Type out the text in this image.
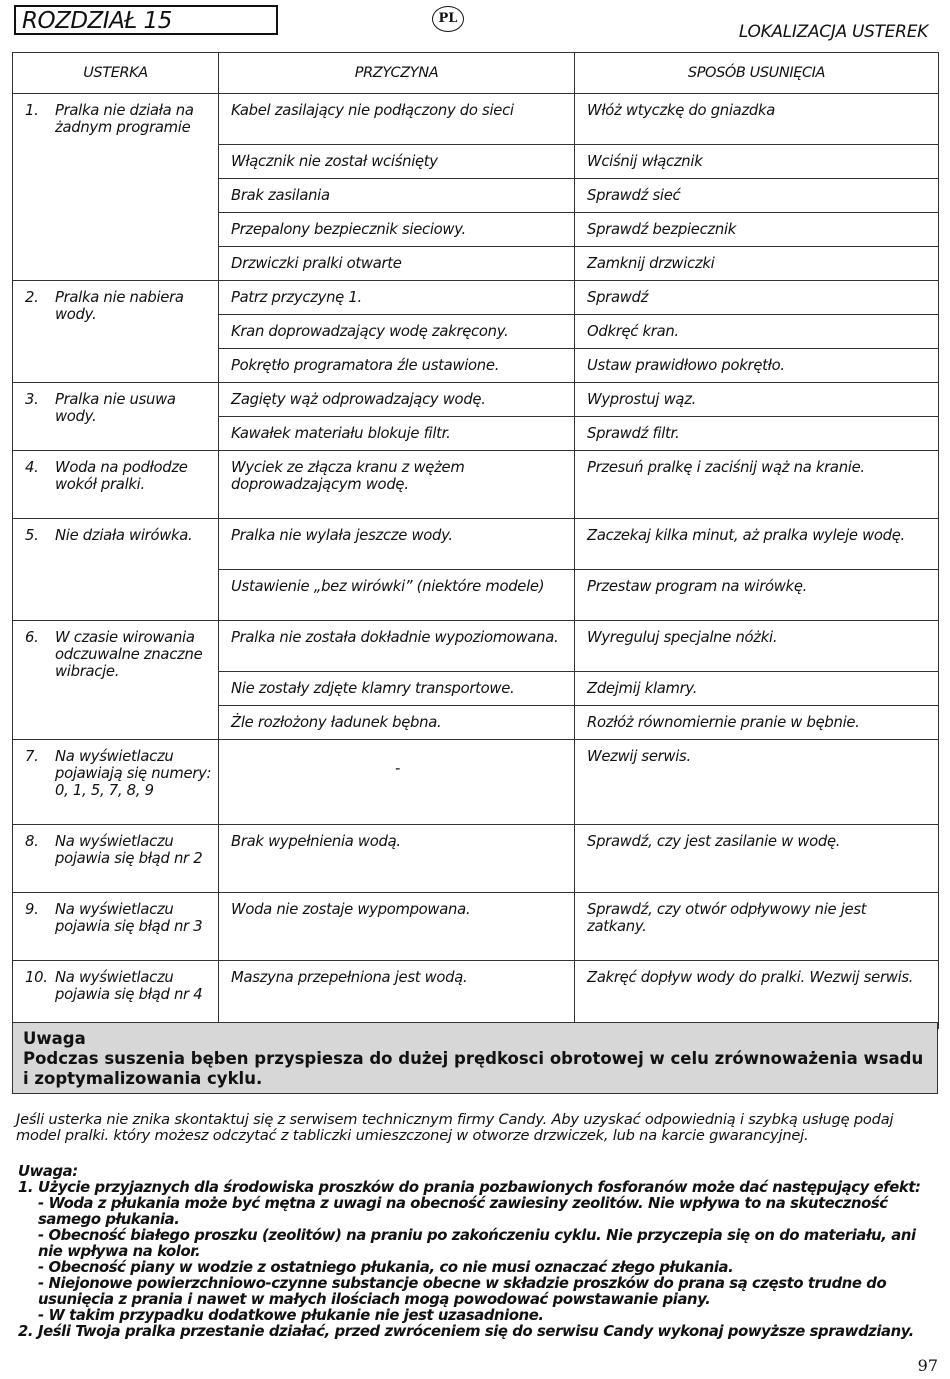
ROZDZIAŁ 15	PL
LOKALIZACJA USTEREK
USTERKA	PRZYCZYNA	SPOSÓB USUNIĘCIA

1. Pralka nie działa na żadnym programie	Kabel zasilający nie podłączony do sieci	Włóż wtyczkę do gniazdka
	Włącznik nie został wciśnięty	Wciśnij włącznik
	Brak zasilania	Sprawdź sieć
	Przepalony bezpiecznik sieciowy.	Sprawdź bezpiecznik
	Drzwiczki pralki otwarte	Zamknij drzwiczki

2. Pralka nie nabiera wody.	Patrz przyczynę 1.	Sprawdź
	Kran doprowadzający wodę zakręcony.	Odkręć kran.
	Pokrętło programatora źle ustawione.	Ustaw prawidłowo pokrętło.

3. Pralka nie usuwa wody.	Zagięty wąż odprowadzający wodę.	Wyprostuj wąz.
	Kawałek materiału blokuje filtr.	Sprawdź filtr.

4. Woda na podłodze wokół pralki.	Wyciek ze złącza kranu z wężem doprowadzającym wodę.	Przesuń pralkę i zaciśnij wąż na kranie.

5. Nie działa wirówka.	Pralka nie wylała jeszcze wody.	Zaczekaj kilka minut, aż pralka wyleje wodę.
	Ustawienie „bez wirówki” (niektóre modele)	Przestaw program na wirówkę.

6. W czasie wirowania odczuwalne znaczne wibracje.	Pralka nie została dokładnie wypoziomowana.	Wyreguluj specjalne nóżki.
	Nie zostały zdjęte klamry transportowe.	Zdejmij klamry.
	Żle rozłożony ładunek bębna.	Rozłóż równomiernie pranie w bębnie.

7. Na wyświetlaczu pojawiają się numery: 0, 1, 5, 7, 8, 9	-	Wezwij serwis.

8. Na wyświetlaczu pojawia się błąd nr 2	Brak wypełnienia wodą.	Sprawdź, czy jest zasilanie w wodę.

9. Na wyświetlaczu pojawia się błąd nr 3	Woda nie zostaje wypompowana.	Sprawdź, czy otwór odpływowy nie jest zatkany.

10. Na wyświetlaczu pojawia się błąd nr 4	Maszyna przepełniona jest wodą.	Zakręć dopływ wody do pralki. Wezwij serwis.
Uwaga
Podczas suszenia bęben przyspiesza do dużej prędkosci obrotowej w celu zrównoważenia wsadu i zoptymalizowania cyklu.
Jeśli usterka nie znika skontaktuj się z serwisem technicznym firmy Candy. Aby uzyskać odpowiednią i szybką usługę podaj model pralki. który możesz odczytać z tabliczki umieszczonej w otworze drzwiczek, lub na karcie gwarancyjnej.
Uwaga:
1. Użycie przyjaznych dla środowiska proszków do prania pozbawionych fosforanów może dać następujący efekt:
- Woda z płukania może być mętna z uwagi na obecność zawiesiny zeolitów. Nie wpływa to na skuteczność samego płukania.
- Obecność białego proszku (zeolitów) na praniu po zakończeniu cyklu. Nie przyczepia się on do materiału, ani nie wpływa na kolor.
- Obecność piany w wodzie z ostatniego płukania, co nie musi oznaczać złego płukania.
- Niejonowe powierzchniowo-czynne substancje obecne w składzie proszków do prana są często trudne do usunięcia z prania i nawet w małych ilościach mogą powodować powstawanie piany.
- W takim przypadku dodatkowe płukanie nie jest uzasadnione.
2. Jeśli Twoja pralka przestanie działać, przed zwróceniem się do serwisu Candy wykonaj powyższe sprawdziany.
97
